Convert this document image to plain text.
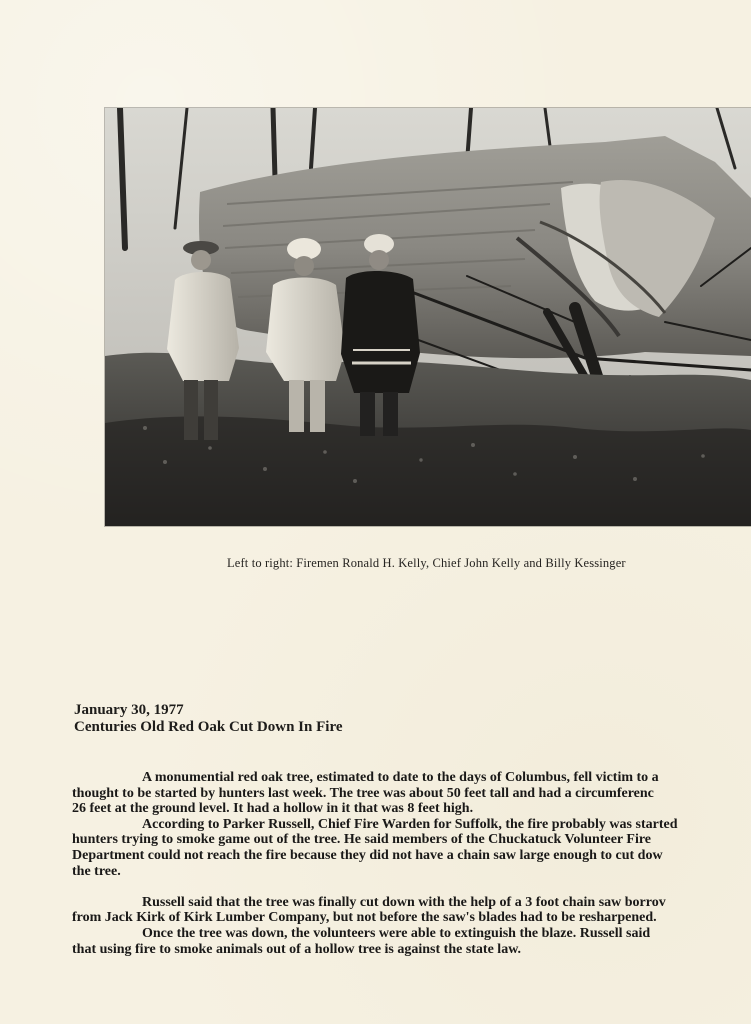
Left to right: Firemen Ronald H. Kelly, Chief John Kelly and Billy Kessinger
January 30, 1977
Centuries Old Red Oak Cut Down In Fire
A monumential red oak tree, estimated to date to the days of Columbus, fell victim to a
thought to be started by hunters last week. The tree was about 50 feet tall and had a circumferenc
26 feet at the ground level. It had a hollow in it that was 8 feet high.
According to Parker Russell, Chief Fire Warden for Suffolk, the fire probably was started
hunters trying to smoke game out of the tree. He said members of the Chuckatuck Volunteer Fire
Department could not reach the fire because they did not have a chain saw large enough to cut dow
the tree.
Russell said that the tree was finally cut down with the help of a 3 foot chain saw borrov
from Jack Kirk of Kirk Lumber Company, but not before the saw's blades had to be resharpened.
Once the tree was down, the volunteers were able to extinguish the blaze. Russell said
that using fire to smoke animals out of a hollow tree is against the state law.
